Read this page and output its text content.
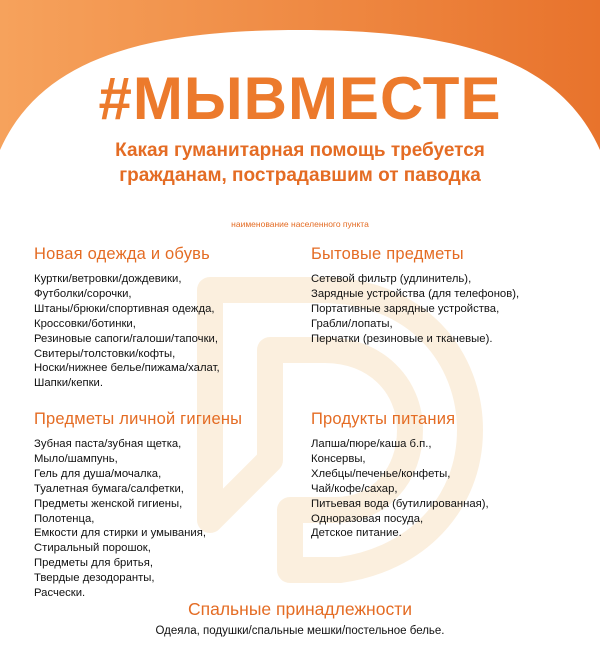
#МЫВМЕСТЕ
Какая гуманитарная помощь требуется
гражданам, пострадавшим от паводка
наименование населенного пункта
Новая одежда и обувь
Куртки/ветровки/дождевики,
Футболки/сорочки,
Штаны/брюки/спортивная одежда,
Кроссовки/ботинки,
Резиновые сапоги/галоши/тапочки,
Свитеры/толстовки/кофты,
Носки/нижнее белье/пижама/халат,
Шапки/кепки.
Бытовые предметы
Сетевой фильтр (удлинитель),
Зарядные устройства (для телефонов),
Портативные зарядные устройства,
Грабли/лопаты,
Перчатки (резиновые и тканевые).
Предметы личной гигиены
Зубная паста/зубная щетка,
Мыло/шампунь,
Гель для душа/мочалка,
Туалетная бумага/салфетки,
Предметы женской гигиены,
Полотенца,
Емкости для стирки и умывания,
Стиральный порошок,
Предметы для бритья,
Твердые дезодоранты,
Расчески.
Продукты питания
Лапша/пюре/каша б.п.,
Консервы,
Хлебцы/печенье/конфеты,
Чай/кофе/сахар,
Питьевая вода (бутилированная),
Одноразовая посуда,
Детское питание.
Спальные принадлежности

Одеяла, подушки/спальные мешки/постельное белье.
